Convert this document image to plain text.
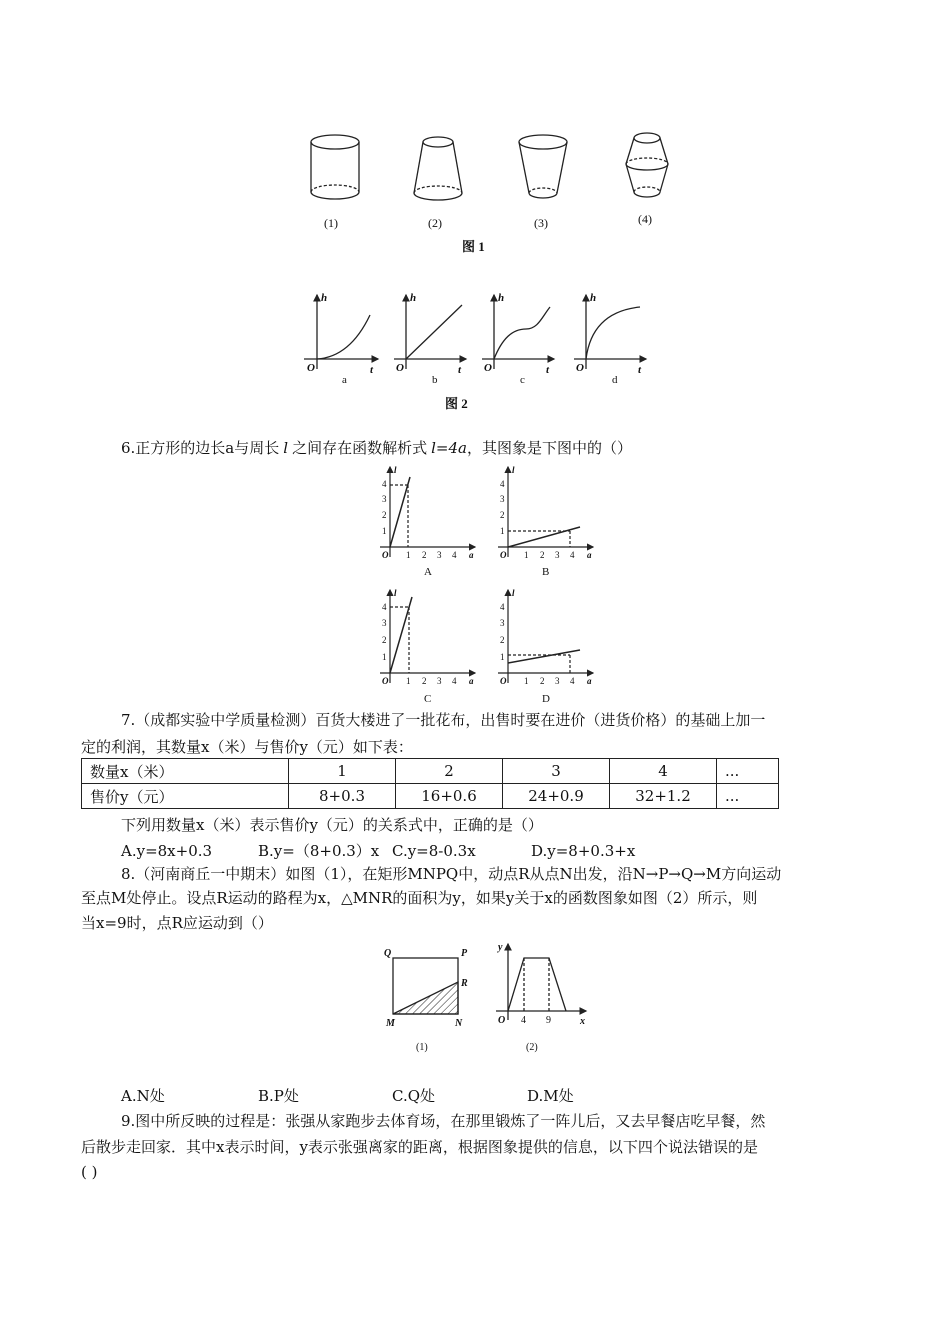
(1)	(2)	(3)	(4)
图 1
h
t
O
h
t
O
h
t
O
h
t
O
a	b	c	d
图 2
6.正方形的边长a与周长 l 之间存在函数解析式 l=4a，其图象是下图中的（）
l
a
O
1
2
3
4
1 2 3 4
A
l
a
O
1
2
3
4
1 2 3 4
B
l
a
O
1
2
3
4
1 2 3 4
C
l
a
O
1
2
3
4
1 2 3 4
D
7.（成都实验中学质量检测）百货大楼进了一批花布，出售时要在进价（进货价格）的基础上加一
定的利润，其数量x（米）与售价y（元）如下表：
数量x（米）	1	2	3	4	...
售价y（元）	8+0.3	16+0.6	24+0.9	32+1.2	...
下列用数量x（米）表示售价y（元）的关系式中，正确的是（）
A.y=8x+0.3	B.y=（8+0.3）x C.y=8-0.3x	D.y=8+0.3+x
8.（河南商丘一中期末）如图（1），在矩形MNPQ中，动点R从点N出发，沿N→P→Q→M方向运动
至点M处停止。设点R运动的路程为x，△MNR的面积为y，如果y关于x的函数图象如图（2）所示，则
当x=9时，点R应运动到（）
Q	P
R
M	N
(1)
y
x
O 4 9
(2)
A.N处	B.P处	C.Q处	D.M处
9.图中所反映的过程是：张强从家跑步去体育场，在那里锻炼了一阵儿后，又去早餐店吃早餐，然
后散步走回家．其中x表示时间，y表示张强离家的距离，根据图象提供的信息，以下四个说法错误的是
( )
